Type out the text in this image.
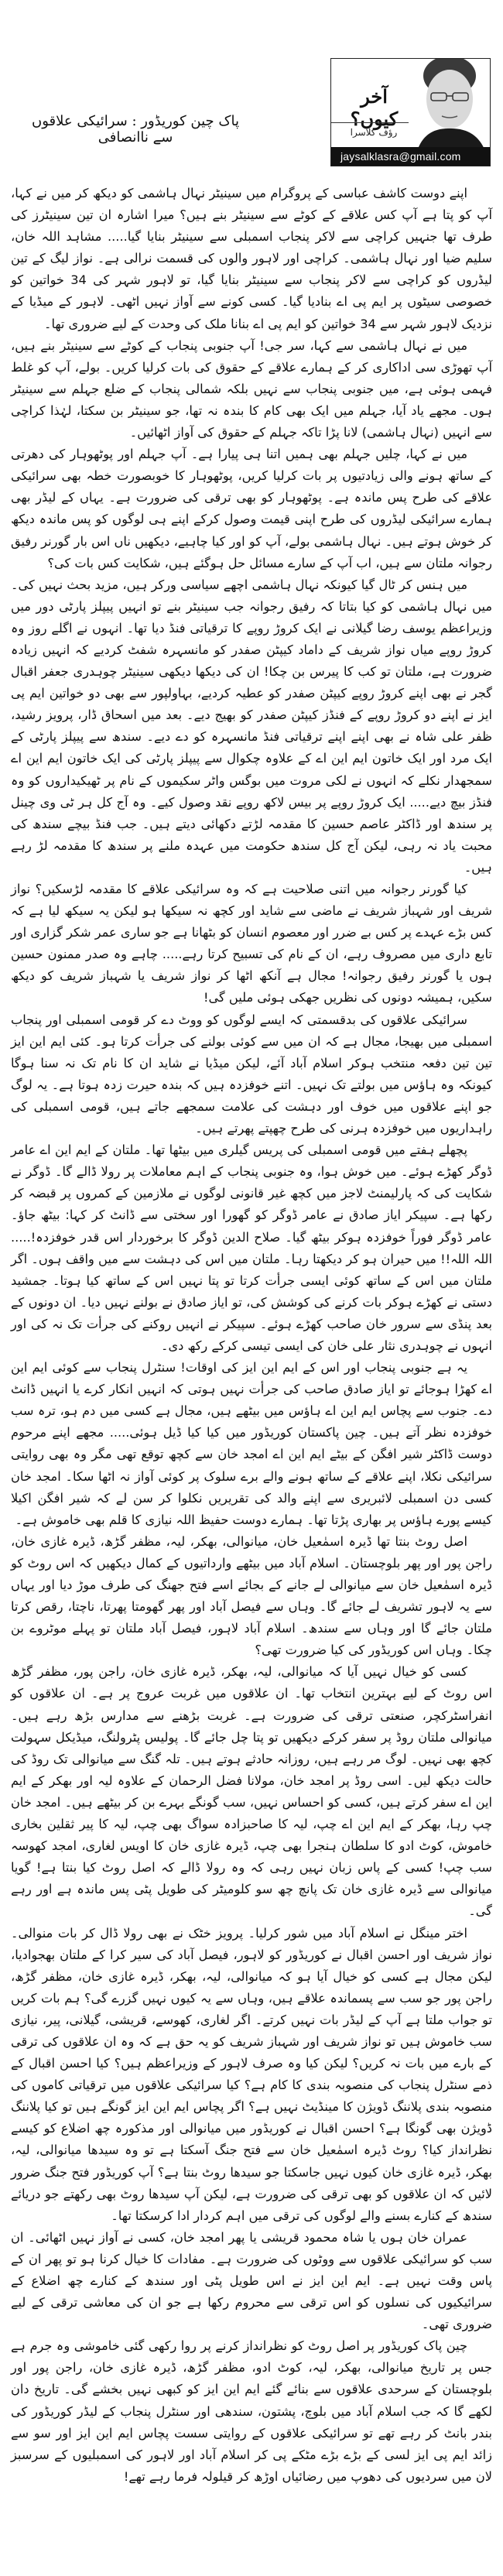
آخر کیوں؟
رؤف کلاسرا
jaysalklasra@gmail.com
پاک چین کوریڈور : سرائیکی علاقوں سے ناانصافی

اپنے دوست کاشف عباسی کے پروگرام میں سینیٹر نہال ہاشمی کو دیکھ کر میں نے کہا، آپ کو پتا ہے آپ کس علاقے کے کوٹے سے سینیٹر بنے ہیں؟ میرا اشارہ ان تین سینیٹرز کی طرف تھا جنہیں کراچی سے لاکر پنجاب اسمبلی سے سینیٹر بنایا گیا..... مشاہد اللہ خان، سلیم ضیا اور نہال ہاشمی۔ کراچی اور لاہور والوں کی قسمت نرالی ہے۔ نواز لیگ کے تین لیڈروں کو کراچی سے لاکر پنجاب سے سینیٹر بنایا گیا، تو لاہور شہر کی 34 خواتین کو خصوصی سیٹوں پر ایم پی اے بنادیا گیا۔ کسی کونے سے آواز نہیں اٹھی۔ لاہور کے میڈیا کے نزدیک لاہور شہر سے 34 خواتین کو ایم پی اے بنانا ملک کی وحدت کے لیے ضروری تھا۔

میں نے نہال ہاشمی سے کہا، سر جی! آپ جنوبی پنجاب کے کوٹے سے سینیٹر بنے ہیں، آپ تھوڑی سی اداکاری کر کے ہمارے علاقے کے حقوق کی بات کرلیا کریں۔ بولے، آپ کو غلط فہمی ہوئی ہے، میں جنوبی پنجاب سے نہیں بلکہ شمالی پنجاب کے ضلع جہلم سے سینیٹر ہوں۔ مجھے یاد آیا، جہلم میں ایک بھی کام کا بندہ نہ تھا، جو سینیٹر بن سکتا، لہٰذا کراچی سے انہیں (نہال ہاشمی) لانا پڑا تاکہ جہلم کے حقوق کی آواز اٹھائیں۔

میں نے کہا، چلیں جہلم بھی ہمیں اتنا ہی پیارا ہے۔ آپ جہلم اور پوٹھوہار کی دھرتی کے ساتھ ہونے والی زیادتیوں پر بات کرلیا کریں، پوٹھوہار کا خوبصورت خطہ بھی سرائیکی علاقے کی طرح پس ماندہ ہے۔ پوٹھوہار کو بھی ترقی کی ضرورت ہے۔ یہاں کے لیڈر بھی ہمارے سرائیکی لیڈروں کی طرح اپنی قیمت وصول کرکے اپنے ہی لوگوں کو پس ماندہ دیکھ کر خوش ہوتے ہیں۔ نہال ہاشمی بولے، آپ کو اور کیا چاہیے، دیکھیں ناں اس بار گورنر رفیق رجوانہ ملتان سے ہیں، اب آپ کے سارے مسائل حل ہوگئے ہیں، شکایت کس بات کی؟

میں ہنس کر ٹال گیا کیونکہ نہال ہاشمی اچھے سیاسی ورکر ہیں، مزید بحث نہیں کی۔ میں نہال ہاشمی کو کیا بتاتا کہ رفیق رجوانہ جب سینیٹر بنے تو انہیں پیپلز پارٹی دور میں وزیراعظم یوسف رضا گیلانی نے ایک کروڑ روپے کا ترقیاتی فنڈ دیا تھا۔ انہوں نے اگلے روز وہ کروڑ روپے میاں نواز شریف کے داماد کیپٹن صفدر کو مانسہرہ شفٹ کردیے کہ انہیں زیادہ ضرورت ہے، ملتان تو کب کا پیرس بن چکا! ان کی دیکھا دیکھی سینیٹر چوہدری جعفر اقبال گجر نے بھی اپنے کروڑ روپے کیپٹن صفدر کو عطیہ کردیے، بہاولپور سے بھی دو خواتین ایم پی ایز نے اپنے دو کروڑ روپے کے فنڈز کیپٹن صفدر کو بھیج دیے۔ بعد میں اسحاق ڈار، پرویز رشید، ظفر علی شاہ نے بھی اپنے اپنے ترقیاتی فنڈ مانسہرہ کو دے دیے۔ سندھ سے پیپلز پارٹی کے ایک مرد اور ایک خاتون ایم این اے کے علاوہ چکوال سے پیپلز پارٹی کی ایک خاتون ایم این اے سمجھدار نکلے کہ انہوں نے لکی مروت میں بوگس واٹر سکیموں کے نام پر ٹھیکیداروں کو وہ فنڈز بیچ دیے..... ایک کروڑ روپے پر بیس لاکھ روپے نقد وصول کیے۔ وہ آج کل ہر ٹی وی چینل پر سندھ اور ڈاکٹر عاصم حسین کا مقدمہ لڑتے دکھائی دیتے ہیں۔ جب فنڈ بیچے سندھ کی محبت یاد نہ رہی، لیکن آج کل سندھ حکومت میں عہدہ ملنے پر سندھ کا مقدمہ لڑ رہے ہیں۔

کیا گورنر رجوانہ میں اتنی صلاحیت ہے کہ وہ سرائیکی علاقے کا مقدمہ لڑسکیں؟ نواز شریف اور شہباز شریف نے ماضی سے شاید اور کچھ نہ سیکھا ہو لیکن یہ سیکھ لیا ہے کہ کس بڑے عہدے پر کس بے ضرر اور معصوم انسان کو بٹھانا ہے جو ساری عمر شکر گزاری اور تابع داری میں مصروف رہے، ان کے نام کی تسبیح کرتا رہے..... چاہے وہ صدر ممنون حسین ہوں یا گورنر رفیق رجوانہ! مجال ہے آنکھ اٹھا کر نواز شریف یا شہباز شریف کو دیکھ سکیں، ہمیشہ دونوں کی نظریں جھکی ہوئی ملیں گی!

سرائیکی علاقوں کی بدقسمتی کہ ایسے لوگوں کو ووٹ دے کر قومی اسمبلی اور پنجاب اسمبلی میں بھیجا، مجال ہے کہ ان میں سے کوئی بولنے کی جرأت کرتا ہو۔ کئی ایم این ایز تین تین دفعہ منتخب ہوکر اسلام آباد آئے، لیکن میڈیا نے شاید ان کا نام تک نہ سنا ہوگا کیونکہ وہ ہاؤس میں بولتے تک نہیں۔ اتنے خوفزدہ ہیں کہ بندہ حیرت زدہ ہوتا ہے۔ یہ لوگ جو اپنے علاقوں میں خوف اور دہشت کی علامت سمجھے جاتے ہیں، قومی اسمبلی کی راہداریوں میں خوفزدہ ہرنی کی طرح چھپتے پھرتے ہیں۔

پچھلے ہفتے میں قومی اسمبلی کی پریس گیلری میں بیٹھا تھا۔ ملتان کے ایم این اے عامر ڈوگر کھڑے ہوئے۔ میں خوش ہوا، وہ جنوبی پنجاب کے اہم معاملات پر رولا ڈالے گا۔ ڈوگر نے شکایت کی کہ پارلیمنٹ لاجز میں کچھ غیر قانونی لوگوں نے ملازمین کے کمروں پر قبضہ کر رکھا ہے۔ سپیکر ایاز صادق نے عامر ڈوگر کو گھورا اور سختی سے ڈانٹ کر کہا: بیٹھ جاؤ۔ عامر ڈوگر فوراً خوفزدہ ہوکر بیٹھ گیا۔ صلاح الدین ڈوگر کا برخوردار اس قدر خوفزدہ!..... اللہ اللہ!! میں حیران ہو کر دیکھتا رہا۔ ملتان میں اس کی دہشت سے میں واقف ہوں۔ اگر ملتان میں اس کے ساتھ کوئی ایسی جرأت کرتا تو پتا نہیں اس کے ساتھ کیا ہوتا۔ جمشید دستی نے کھڑے ہوکر بات کرنے کی کوشش کی، تو ایاز صادق نے بولنے نہیں دیا۔ ان دونوں کے بعد پنڈی سے سرور خان صاحب کھڑے ہوئے۔ سپیکر نے انہیں روکنے کی جرأت تک نہ کی اور انہوں نے چوہدری نثار علی خان کی ایسی تیسی کرکے رکھ دی۔

یہ ہے جنوبی پنجاب اور اس کے ایم این ایز کی اوقات! سنٹرل پنجاب سے کوئی ایم این اے کھڑا ہوجائے تو ایاز صادق صاحب کی جرأت نہیں ہوتی کہ انہیں انکار کرے یا انہیں ڈانٹ دے۔ جنوب سے پچاس ایم این اے ہاؤس میں بیٹھے ہیں، مجال ہے کسی میں دم ہو، ترہ سب خوفزدہ نظر آتے ہیں۔ چین پاکستان کوریڈور میں کیا کیا ڈیل ہوئی..... مجھے اپنے مرحوم دوست ڈاکٹر شیر افگن کے بیٹے ایم این اے امجد خان سے کچھ توقع تھی مگر وہ بھی روایتی سرائیکی نکلا، اپنے علاقے کے ساتھ ہونے والے برے سلوک پر کوئی آواز نہ اٹھا سکا۔ امجد خان کسی دن اسمبلی لائبریری سے اپنے والد کی تقریریں نکلوا کر سن لے کہ شیر افگن اکیلا کیسے پورے ہاؤس پر بھاری پڑتا تھا۔ ہمارے دوست حفیظ اللہ نیازی کا قلم بھی خاموش ہے۔

اصل روٹ بنتا تھا ڈیرہ اسمٰعیل خان، میانوالی، بھکر، لیہ، مظفر گڑھ، ڈیرہ غازی خان، راجن پور اور پھر بلوچستان۔ اسلام آباد میں بیٹھے وارداتیوں کے کمال دیکھیں کہ اس روٹ کو ڈیرہ اسمٰعیل خان سے میانوالی لے جانے کے بجائے اسے فتح جھنگ کی طرف موڑ دیا اور یہاں سے یہ لاہور تشریف لے جائے گا۔ وہاں سے فیصل آباد اور پھر گھومتا پھرتا، ناچتا، رقص کرتا ملتان جائے گا اور وہاں سے سندھ۔ اسلام آباد لاہور، فیصل آباد ملتان تو پہلے موٹروے بن چکا۔ وہاں اس کوریڈور کی کیا ضرورت تھی؟

کسی کو خیال نہیں آیا کہ میانوالی، لیہ، بھکر، ڈیرہ غازی خان، راجن پور، مظفر گڑھ اس روٹ کے لیے بہترین انتخاب تھا۔ ان علاقوں میں غربت عروج پر ہے۔ ان علاقوں کو انفراسٹرکچر، صنعتی ترقی کی ضرورت ہے۔ غربت بڑھنے سے مدارس بڑھ رہے ہیں۔ میانوالی ملتان روڈ پر سفر کرکے دیکھیں تو پتا چل جائے گا۔ پولیس پٹرولنگ، میڈیکل سہولت کچھ بھی نہیں۔ لوگ مر رہے ہیں، روزانہ حادثے ہوتے ہیں۔ تلہ گنگ سے میانوالی تک روڈ کی حالت دیکھ لیں۔ اسی روڈ پر امجد خان، مولانا فضل الرحمان کے علاوہ لیہ اور بھکر کے ایم این اے سفر کرتے ہیں، کسی کو احساس نہیں، سب گونگے بہرے بن کر بیٹھے ہیں۔ امجد خان چپ رہا، بھکر کے ایم این اے چپ، لیہ کا صاحبزادہ سواگ بھی چپ، لیہ کا پیر ثقلین بخاری خاموش، کوٹ ادو کا سلطان ہنجرا بھی چپ، ڈیرہ غازی خان کا اویس لغاری، امجد کھوسہ سب چپ! کسی کے پاس زبان نہیں رہی کہ وہ رولا ڈالے کہ اصل روٹ کیا بنتا ہے! گویا میانوالی سے ڈیرہ غازی خان تک پانچ چھ سو کلومیٹر کی طویل پٹی پس ماندہ ہے اور رہے گی۔

اختر مینگل نے اسلام آباد میں شور کرلیا۔ پرویز خٹک نے بھی رولا ڈال کر بات منوالی۔ نواز شریف اور احسن اقبال نے کوریڈور کو لاہور، فیصل آباد کی سیر کرا کے ملتان بھجوادیا، لیکن مجال ہے کسی کو خیال آیا ہو کہ میانوالی، لیہ، بھکر، ڈیرہ غازی خان، مظفر گڑھ، راجن پور جو سب سے پسماندہ علاقے ہیں، وہاں سے یہ کیوں نہیں گزرے گی؟ ہم بات کریں تو جواب ملتا ہے آپ کے لیڈر بات نہیں کرتے۔ اگر لغاری، کھوسے، قریشی، گیلانی، پیر، نیازی سب خاموش ہیں تو نواز شریف اور شہباز شریف کو یہ حق ہے کہ وہ ان علاقوں کی ترقی کے بارے میں بات نہ کریں؟ لیکن کیا وہ صرف لاہور کے وزیراعظم ہیں؟ کیا احسن اقبال کے ذمے سنٹرل پنجاب کی منصوبہ بندی کا کام ہے؟ کیا سرائیکی علاقوں میں ترقیاتی کاموں کی منصوبہ بندی پلاننگ ڈویژن کا مینڈیٹ نہیں ہے؟ اگر پچاس ایم این ایز گونگے ہیں تو کیا پلاننگ ڈویژن بھی گونگا ہے؟ احسن اقبال نے کوریڈور میں میانوالی اور مذکورہ چھ اضلاع کو کیسے نظرانداز کیا؟ روٹ ڈیرہ اسمٰعیل خان سے فتح جنگ آسکتا ہے تو وہ سیدھا میانوالی، لیہ، بھکر، ڈیرہ غازی خان کیوں نہیں جاسکتا جو سیدھا روٹ بنتا ہے؟ آپ کوریڈور فتح جنگ ضرور لائیں کہ ان علاقوں کو بھی ترقی کی ضرورت ہے، لیکن آپ سیدھا روٹ بھی رکھتے جو دریائے سندھ کے کنارے بسنے والے لوگوں کی ترقی میں اہم کردار ادا کرسکتا تھا۔

عمران خان ہوں یا شاہ محمود قریشی یا پھر امجد خان، کسی نے آواز نہیں اٹھائی۔ ان سب کو سرائیکی علاقوں سے ووٹوں کی ضرورت ہے۔ مفادات کا خیال کرنا ہو تو پھر ان کے پاس وقت نہیں ہے۔ ایم این ایز نے اس طویل پٹی اور سندھ کے کنارے چھ اضلاع کے سرائیکیوں کی نسلوں کو اس ترقی سے محروم رکھا ہے جو ان کی معاشی ترقی کے لیے ضروری تھی۔

چین پاک کوریڈور پر اصل روٹ کو نظرانداز کرنے پر روا رکھی گئی خاموشی وہ جرم ہے جس پر تاریخ میانوالی، بھکر، لیہ، کوٹ ادو، مظفر گڑھ، ڈیرہ غازی خان، راجن پور اور بلوچستان کے سرحدی علاقوں سے بنائے گئے ایم این ایز کو کبھی نہیں بخشے گی۔ تاریخ دان لکھے گا کہ جب اسلام آباد میں بلوچ، پشتون، سندھی اور سنٹرل پنجاب کے لیڈر کوریڈور کی بندر بانٹ کر رہے تھے تو سرائیکی علاقوں کے روایتی سست پچاس ایم این ایز اور سو سے زائد ایم پی ایز لسی کے بڑے بڑے مٹکے پی کر اسلام آباد اور لاہور کی اسمبلیوں کے سرسبز لان میں سردیوں کی دھوپ میں رضائیاں اوڑھ کر قیلولہ فرما رہے تھے!
